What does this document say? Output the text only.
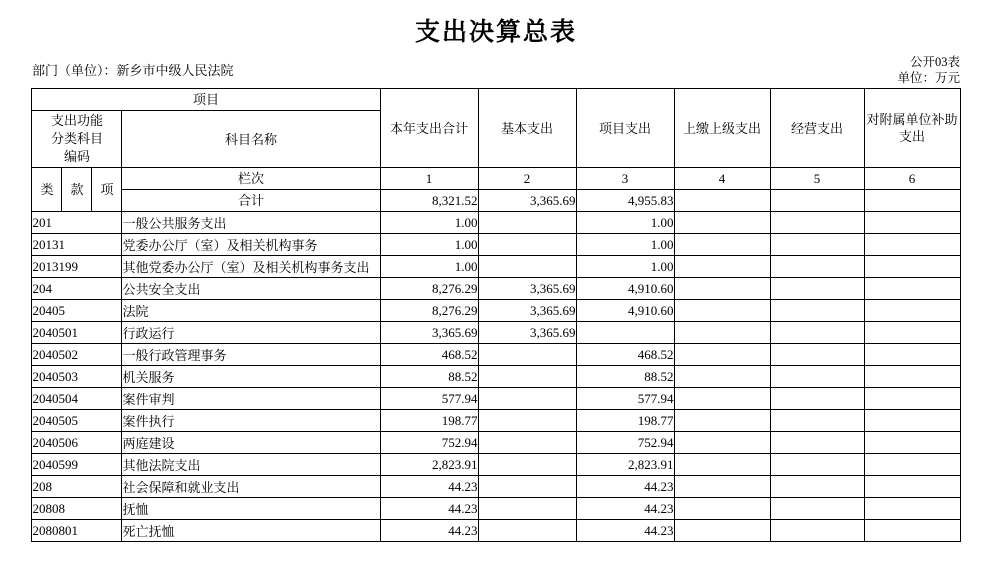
支出决算总表
部门（单位）：新乡市中级人民法院
公开03表
单位：万元
项目				本年支出合计	基本支出	项目支出	上缴上级支出	经营支出	对附属单位补助支出

支出功能
分类科目
编码			科目名称						
类	款	项	栏次	1	2	3	4	5	6
			合计	8,321.52	3,365.69	4,955.83			
201			一般公共服务支出	1.00		1.00			
20131			党委办公厅（室）及相关机构事务	1.00		1.00			
2013199			其他党委办公厅（室）及相关机构事务支出	1.00		1.00			
204			公共安全支出	8,276.29	3,365.69	4,910.60			
20405			法院	8,276.29	3,365.69	4,910.60			
2040501			行政运行	3,365.69	3,365.69				
2040502			一般行政管理事务	468.52		468.52			
2040503			机关服务	88.52		88.52			
2040504			案件审判	577.94		577.94			
2040505			案件执行	198.77		198.77			
2040506			两庭建设	752.94		752.94			
2040599			其他法院支出	2,823.91		2,823.91			
208			社会保障和就业支出	44.23		44.23			
20808			抚恤	44.23		44.23			
2080801			死亡抚恤	44.23		44.23			
